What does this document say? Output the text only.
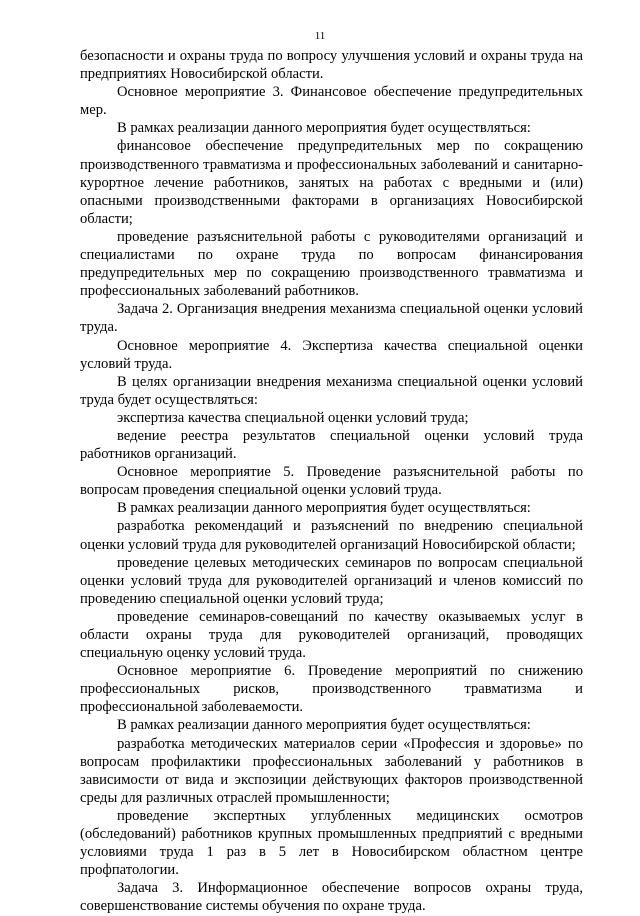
11

безопасности и охраны труда по вопросу улучшения условий и охраны труда на предприятиях Новосибирской области.

Основное мероприятие 3. Финансовое обеспечение предупредительных мер.

В рамках реализации данного мероприятия будет осуществляться:

финансовое обеспечение предупредительных мер по сокращению производственного травматизма и профессиональных заболеваний и санитарно-курортное лечение работников, занятых на работах с вредными и (или) опасными производственными факторами в организациях Новосибирской области;

проведение разъяснительной работы с руководителями организаций и специалистами по охране труда по вопросам финансирования предупредительных мер по сокращению производственного травматизма и профессиональных заболеваний работников.

Задача 2. Организация внедрения механизма специальной оценки условий труда.

Основное мероприятие 4. Экспертиза качества специальной оценки условий труда.

В целях организации внедрения механизма специальной оценки условий труда будет осуществляться:

экспертиза качества специальной оценки условий труда;

ведение реестра результатов специальной оценки условий труда работников организаций.

Основное мероприятие 5. Проведение разъяснительной работы по вопросам проведения специальной оценки условий труда.

В рамках реализации данного мероприятия будет осуществляться:

разработка рекомендаций и разъяснений по внедрению специальной оценки условий труда для руководителей организаций Новосибирской области;

проведение целевых методических семинаров по вопросам специальной оценки условий труда для руководителей организаций и членов комиссий по проведению специальной оценки условий труда;

проведение семинаров-совещаний по качеству оказываемых услуг в области охраны труда для руководителей организаций, проводящих специальную оценку условий труда.

Основное мероприятие 6. Проведение мероприятий по снижению профессиональных рисков, производственного травматизма и профессиональной заболеваемости.

В рамках реализации данного мероприятия будет осуществляться:

разработка методических материалов серии «Профессия и здоровье» по вопросам профилактики профессиональных заболеваний у работников в зависимости от вида и экспозиции действующих факторов производственной среды для различных отраслей промышленности;

проведение экспертных углубленных медицинских осмотров (обследований) работников крупных промышленных предприятий с вредными условиями труда 1 раз в 5 лет в Новосибирском областном центре профпатологии.

Задача 3. Информационное обеспечение вопросов охраны труда, совершенствование системы обучения по охране труда.
